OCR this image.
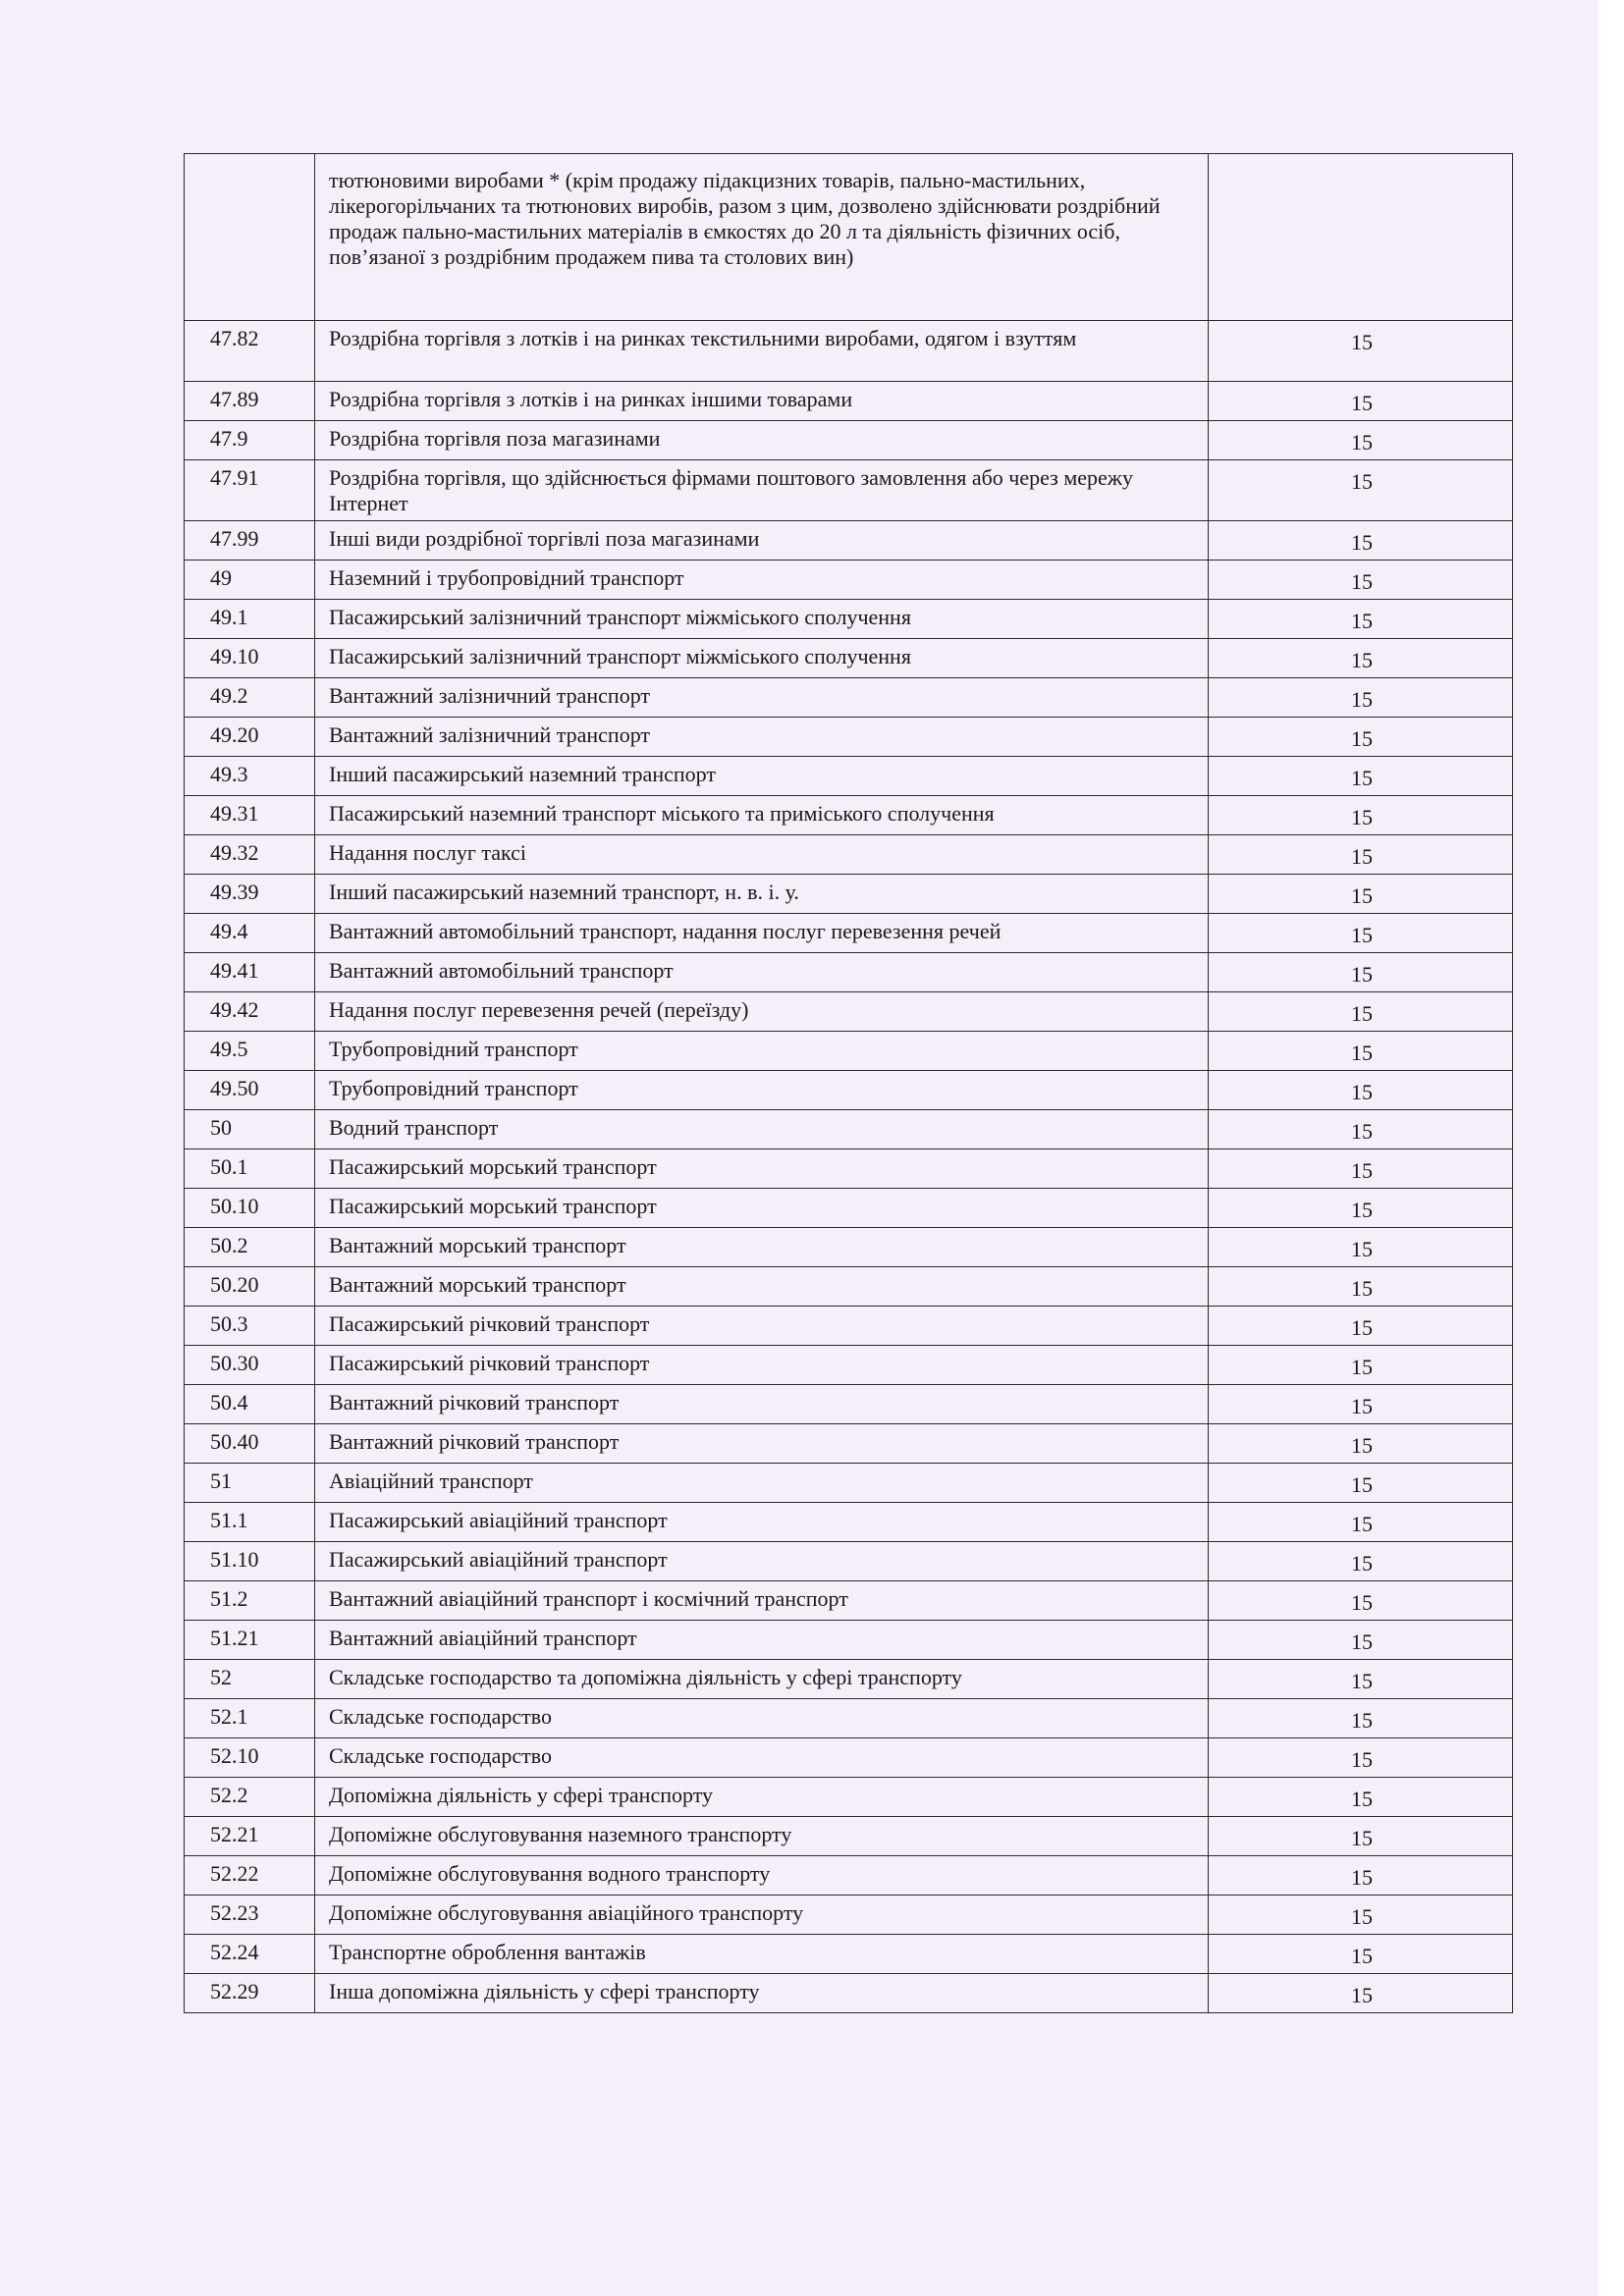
	тютюновими виробами * (крім продажу підакцизних товарів, пально-мастильних, лікерогорільчаних та тютюнових виробів, разом з цим, дозволено здійснювати роздрібний продаж пально-мастильних матеріалів в ємкостях до 20 л та діяльність фізичних осіб, пов’язаної з роздрібним продажем пива та столових вин)	
47.82	Роздрібна торгівля з лотків і на ринках текстильними виробами, одягом і взуттям	15
47.89	Роздрібна торгівля з лотків і на ринках іншими товарами	15
47.9	Роздрібна торгівля поза магазинами	15
47.91	Роздрібна торгівля, що здійснюється фірмами поштового замовлення або через мережу Інтернет	15
47.99	Інші види роздрібної торгівлі поза магазинами	15
49	Наземний і трубопровідний транспорт	15
49.1	Пасажирський залізничний транспорт міжміського сполучення	15
49.10	Пасажирський залізничний транспорт міжміського сполучення	15
49.2	Вантажний залізничний транспорт	15
49.20	Вантажний залізничний транспорт	15
49.3	Інший пасажирський наземний транспорт	15
49.31	Пасажирський наземний транспорт міського та приміського сполучення	15
49.32	Надання послуг таксі	15
49.39	Інший пасажирський наземний транспорт, н. в. і. у.	15
49.4	Вантажний автомобільний транспорт, надання послуг перевезення речей	15
49.41	Вантажний автомобільний транспорт	15
49.42	Надання послуг перевезення речей (переїзду)	15
49.5	Трубопровідний транспорт	15
49.50	Трубопровідний транспорт	15
50	Водний транспорт	15
50.1	Пасажирський морський транспорт	15
50.10	Пасажирський морський транспорт	15
50.2	Вантажний морський транспорт	15
50.20	Вантажний морський транспорт	15
50.3	Пасажирський річковий транспорт	15
50.30	Пасажирський річковий транспорт	15
50.4	Вантажний річковий транспорт	15
50.40	Вантажний річковий транспорт	15
51	Авіаційний транспорт	15
51.1	Пасажирський авіаційний транспорт	15
51.10	Пасажирський авіаційний транспорт	15
51.2	Вантажний авіаційний транспорт і космічний транспорт	15
51.21	Вантажний авіаційний транспорт	15
52	Складське господарство та допоміжна діяльність у сфері транспорту	15
52.1	Складське господарство	15
52.10	Складське господарство	15
52.2	Допоміжна діяльність у сфері транспорту	15
52.21	Допоміжне обслуговування наземного транспорту	15
52.22	Допоміжне обслуговування водного транспорту	15
52.23	Допоміжне обслуговування авіаційного транспорту	15
52.24	Транспортне оброблення вантажів	15
52.29	Інша допоміжна діяльність у сфері транспорту	15
